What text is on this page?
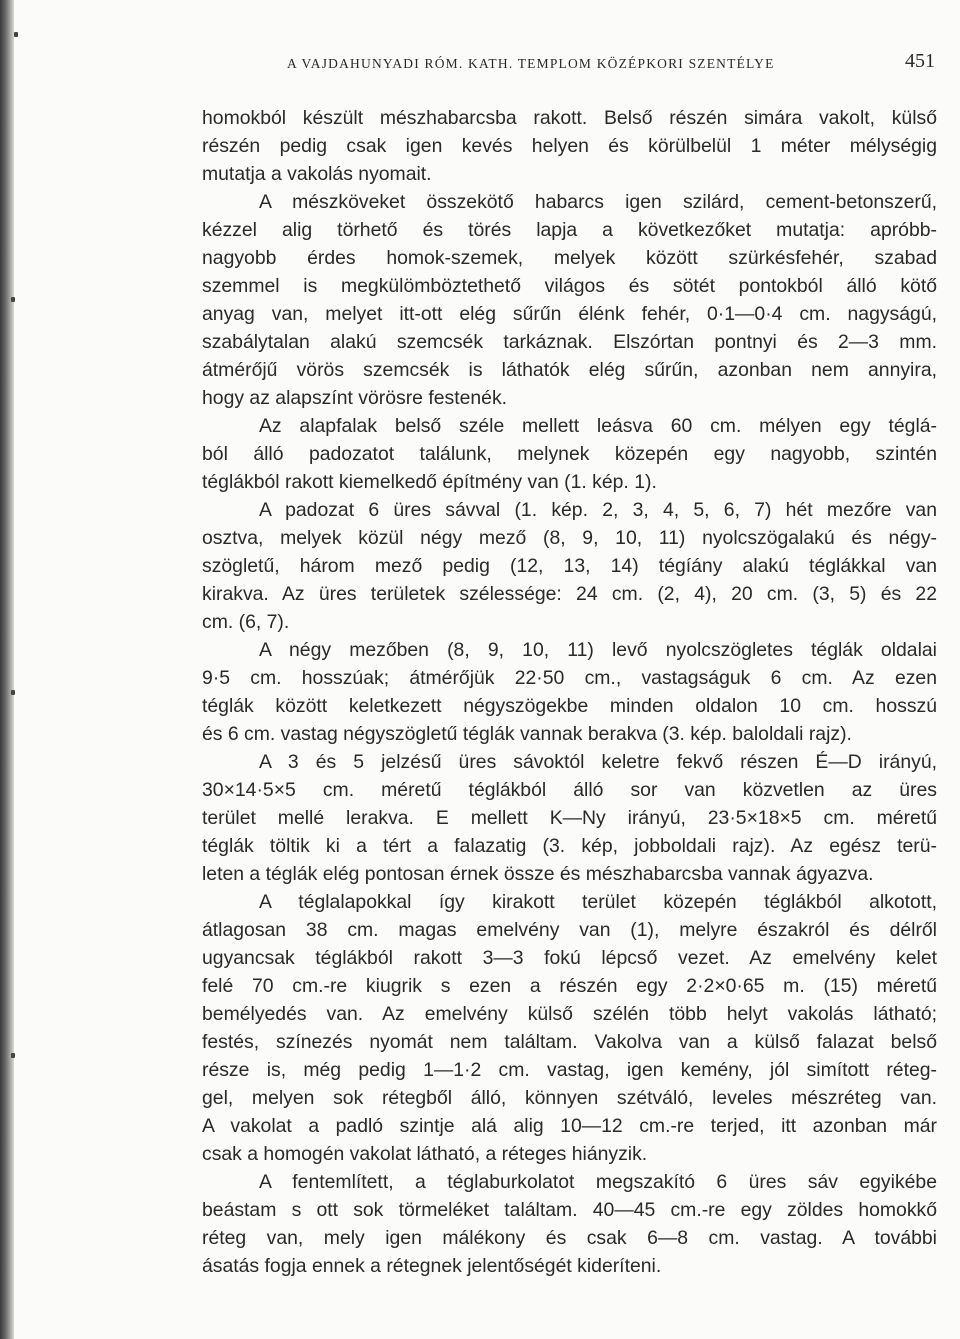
A VAJDAHUNYADI RÓM. KATH. TEMPLOM KÖZÉPKORI SZENTÉLYE	451
homokból készült mészhabarcsba rakott. Belső részén simára vakolt, külső
részén pedig csak igen kevés helyen és körülbelül 1 méter mélységig
mutatja a vakolás nyomait.
A mészköveket összekötő habarcs igen szilárd, cement-betonszerű,
kézzel alig törhető és törés lapja a következőket mutatja: apróbb-
nagyobb érdes homok-szemek, melyek között szürkésfehér, szabad
szemmel is megkülömböztethető világos és sötét pontokból álló kötő
anyag van, melyet itt-ott elég sűrűn élénk fehér, 0·1—0·4 cm. nagyságú,
szabálytalan alakú szemcsék tarkáznak. Elszórtan pontnyi és 2—3 mm.
átmérőjű vörös szemcsék is láthatók elég sűrűn, azonban nem annyira,
hogy az alapszínt vörösre festenék.
Az alapfalak belső széle mellett leásva 60 cm. mélyen egy téglá-
ból álló padozatot találunk, melynek közepén egy nagyobb, szintén
téglákból rakott kiemelkedő építmény van (1. kép. 1).
A padozat 6 üres sávval (1. kép. 2, 3, 4, 5, 6, 7) hét mezőre van
osztva, melyek közül négy mező (8, 9, 10, 11) nyolcszögalakú és négy-
szögletű, három mező pedig (12, 13, 14) tégíány alakú téglákkal van
kirakva. Az üres területek szélessége: 24 cm. (2, 4), 20 cm. (3, 5) és 22
cm. (6, 7).
A négy mezőben (8, 9, 10, 11) levő nyolcszögletes téglák oldalai
9·5 cm. hosszúak; átmérőjük 22·50 cm., vastagságuk 6 cm. Az ezen
téglák között keletkezett négyszögekbe minden oldalon 10 cm. hosszú
és 6 cm. vastag négyszögletű téglák vannak berakva (3. kép. baloldali rajz).
A 3 és 5 jelzésű üres sávoktól keletre fekvő részen É—D irányú,
30×14·5×5 cm. méretű téglákból álló sor van közvetlen az üres
terület mellé lerakva. E mellett K—Ny irányú, 23·5×18×5 cm. méretű
téglák töltik ki a tért a falazatig (3. kép, jobboldali rajz). Az egész terü-
leten a téglák elég pontosan érnek össze és mészhabarcsba vannak ágyazva.
A téglalapokkal így kirakott terület közepén téglákból alkotott,
átlagosan 38 cm. magas emelvény van (1), melyre északról és délről
ugyancsak téglákból rakott 3—3 fokú lépcső vezet. Az emelvény kelet
felé 70 cm.-re kiugrik s ezen a részén egy 2·2×0·65 m. (15) méretű
bemélyedés van. Az emelvény külső szélén több helyt vakolás látható;
festés, színezés nyomát nem találtam. Vakolva van a külső falazat belső
része is, még pedig 1—1·2 cm. vastag, igen kemény, jól simított réteg-
gel, melyen sok rétegből álló, könnyen szétváló, leveles mészréteg van.
A vakolat a padló szintje alá alig 10—12 cm.-re terjed, itt azonban már
csak a homogén vakolat látható, a réteges hiányzik.
A fentemlített, a téglaburkolatot megszakító 6 üres sáv egyikébe
beástam s ott sok törmeléket találtam. 40—45 cm.-re egy zöldes homokkő
réteg van, mely igen málékony és csak 6—8 cm. vastag. A további
ásatás fogja ennek a rétegnek jelentőségét kideríteni.
